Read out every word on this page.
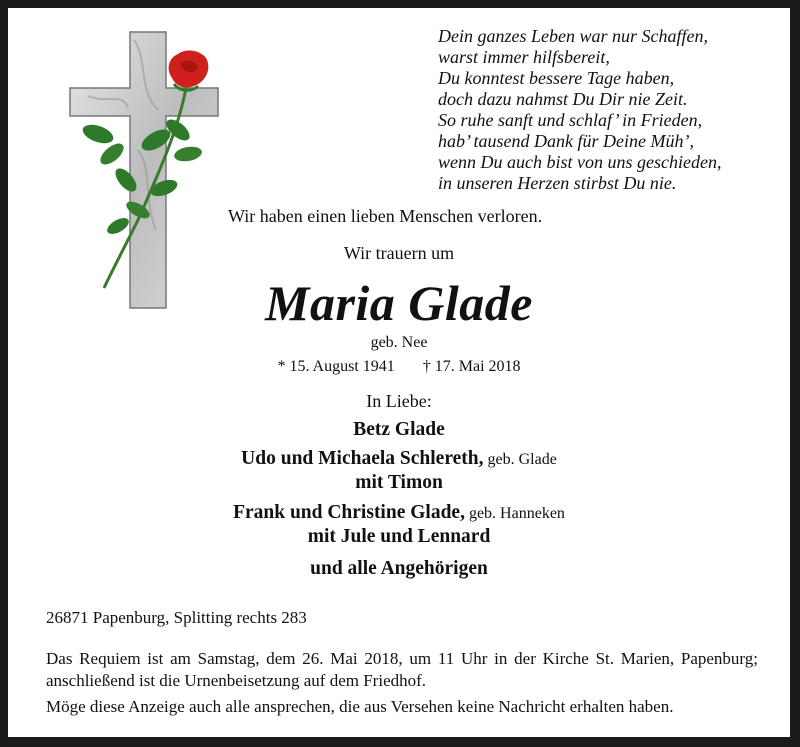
Dein ganzes Leben war nur Schaffen,
warst immer hilfsbereit,
Du konntest bessere Tage haben,
doch dazu nahmst Du Dir nie Zeit.
So ruhe sanft und schlaf’ in Frieden,
hab’ tausend Dank für Deine Müh’,
wenn Du auch bist von uns geschieden,
in unseren Herzen stirbst Du nie.
Wir haben einen lieben Menschen verloren.
Wir trauern um
Maria Glade
geb. Nee
* 15. August 1941 † 17. Mai 2018
In Liebe:
Betz Glade
Udo und Michaela Schlereth, geb. Glade
mit Timon
Frank und Christine Glade, geb. Hanneken
mit Jule und Lennard
und alle Angehörigen
26871 Papenburg, Splitting rechts 283
Das Requiem ist am Samstag, dem 26. Mai 2018, um 11 Uhr in der Kirche St. Marien, Papenburg; anschließend ist die Urnenbeisetzung auf dem Friedhof.
Möge diese Anzeige auch alle ansprechen, die aus Versehen keine Nachricht erhalten haben.
